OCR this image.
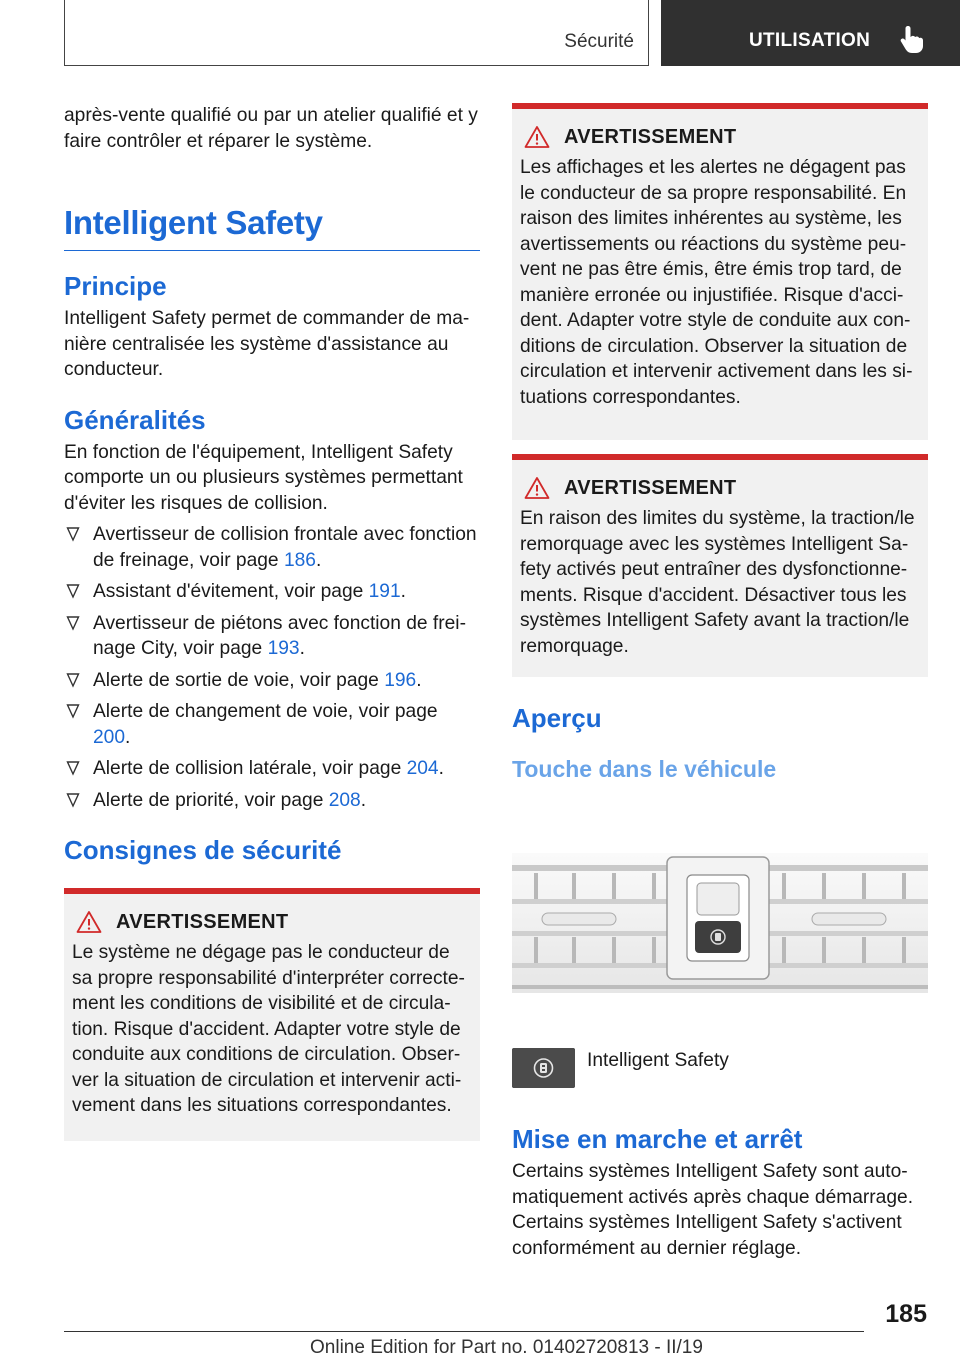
Sécurité	UTILISATION

après-vente qualifié ou par un atelier qualifié et y faire contrôler et réparer le système.

Intelligent Safety
Principe

Intelligent Safety permet de commander de manière centralisée les système d'assistance au conducteur.

Généralités

En fonction de l'équipement, Intelligent Safety comporte un ou plusieurs systèmes permettant d'éviter les risques de collision.

Avertisseur de collision frontale avec fonction de freinage, voir page 186.
Assistant d'évitement, voir page 191.
Avertisseur de piétons avec fonction de freinage City, voir page 193.
Alerte de sortie de voie, voir page 196.
Alerte de changement de voie, voir page 200.
Alerte de collision latérale, voir page 204.
Alerte de priorité, voir page 208.
Consignes de sécurité
AVERTISSEMENT

Le système ne dégage pas le conducteur de sa propre responsabilité d'interpréter correctement les conditions de visibilité et de circulation. Risque d'accident. Adapter votre style de conduite aux conditions de circulation. Observer la situation de circulation et intervenir activement dans les situations correspondantes.

AVERTISSEMENT

Les affichages et les alertes ne dégagent pas le conducteur de sa propre responsabilité. En raison des limites inhérentes au système, les avertissements ou réactions du système peuvent ne pas être émis, être émis trop tard, de manière erronée ou injustifiée. Risque d'accident. Adapter votre style de conduite aux conditions de circulation. Observer la situation de circulation et intervenir activement dans les situations correspondantes.

AVERTISSEMENT

En raison des limites du système, la traction/le remorquage avec les systèmes Intelligent Safety activés peut entraîner des dysfonctionnements. Risque d'accident. Désactiver tous les systèmes Intelligent Safety avant la traction/le remorquage.

Aperçu
Touche dans le véhicule

Intelligent Safety

Mise en marche et arrêt

Certains systèmes Intelligent Safety sont automatiquement activés après chaque démarrage. Certains systèmes Intelligent Safety s'activent conformément au dernier réglage.

185
Online Edition for Part no. 01402720813 - II/19
